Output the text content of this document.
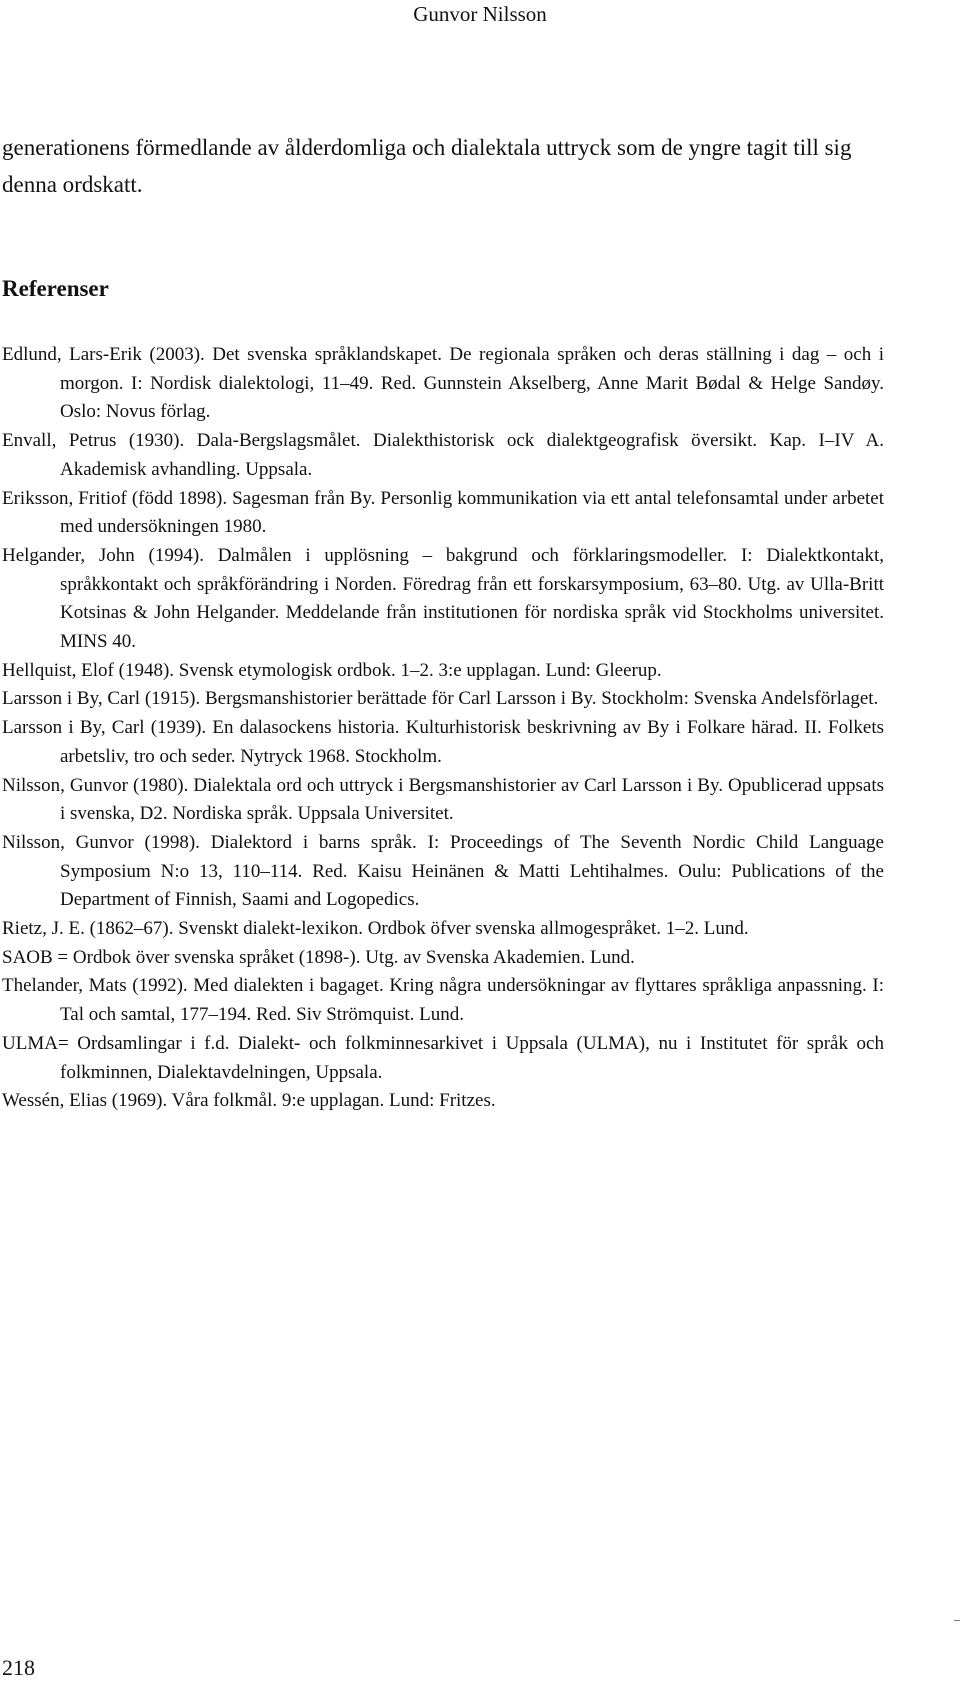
Gunvor Nilsson
generationens förmedlande av ålderdomliga och dialektala uttryck som de yngre tagit till sig denna ordskatt.
Referenser
Edlund, Lars-Erik (2003). Det svenska språklandskapet. De regionala språken och deras ställning i dag – och i morgon. I: Nordisk dialektologi, 11–49. Red. Gunnstein Akselberg, Anne Marit Bødal & Helge Sandøy. Oslo: Novus förlag.
Envall, Petrus (1930). Dala-Bergslagsmålet. Dialekthistorisk ock dialektgeografisk översikt. Kap. I–IV A. Akademisk avhandling. Uppsala.
Eriksson, Fritiof (född 1898). Sagesman från By. Personlig kommunikation via ett antal telefonsamtal under arbetet med undersökningen 1980.
Helgander, John (1994). Dalmålen i upplösning – bakgrund och förklaringsmodeller. I: Dialektkontakt, språkkontakt och språkförändring i Norden. Föredrag från ett forskarsymposium, 63–80. Utg. av Ulla-Britt Kotsinas & John Helgander. Meddelande från institutionen för nordiska språk vid Stockholms universitet. MINS 40.
Hellquist, Elof (1948). Svensk etymologisk ordbok. 1–2. 3:e upplagan. Lund: Gleerup.
Larsson i By, Carl (1915). Bergsmanshistorier berättade för Carl Larsson i By. Stockholm: Svenska Andelsförlaget.
Larsson i By, Carl (1939). En dalasockens historia. Kulturhistorisk beskrivning av By i Folkare härad. II. Folkets arbetsliv, tro och seder. Nytryck 1968. Stockholm.
Nilsson, Gunvor (1980). Dialektala ord och uttryck i Bergsmanshistorier av Carl Larsson i By. Opublicerad uppsats i svenska, D2. Nordiska språk. Uppsala Universitet.
Nilsson, Gunvor (1998). Dialektord i barns språk. I: Proceedings of The Seventh Nordic Child Language Symposium N:o 13, 110–114. Red. Kaisu Heinänen & Matti Lehtihalmes. Oulu: Publications of the Department of Finnish, Saami and Logopedics.
Rietz, J. E. (1862–67). Svenskt dialekt-lexikon. Ordbok öfver svenska allmogespråket. 1–2. Lund.
SAOB = Ordbok över svenska språket (1898-). Utg. av Svenska Akademien. Lund.
Thelander, Mats (1992). Med dialekten i bagaget. Kring några undersökningar av flyttares språkliga anpassning. I: Tal och samtal, 177–194. Red. Siv Strömquist. Lund.
ULMA= Ordsamlingar i f.d. Dialekt- och folkminnesarkivet i Uppsala (ULMA), nu i Institutet för språk och folkminnen, Dialektavdelningen, Uppsala.
Wessén, Elias (1969). Våra folkmål. 9:e upplagan. Lund: Fritzes.
218
